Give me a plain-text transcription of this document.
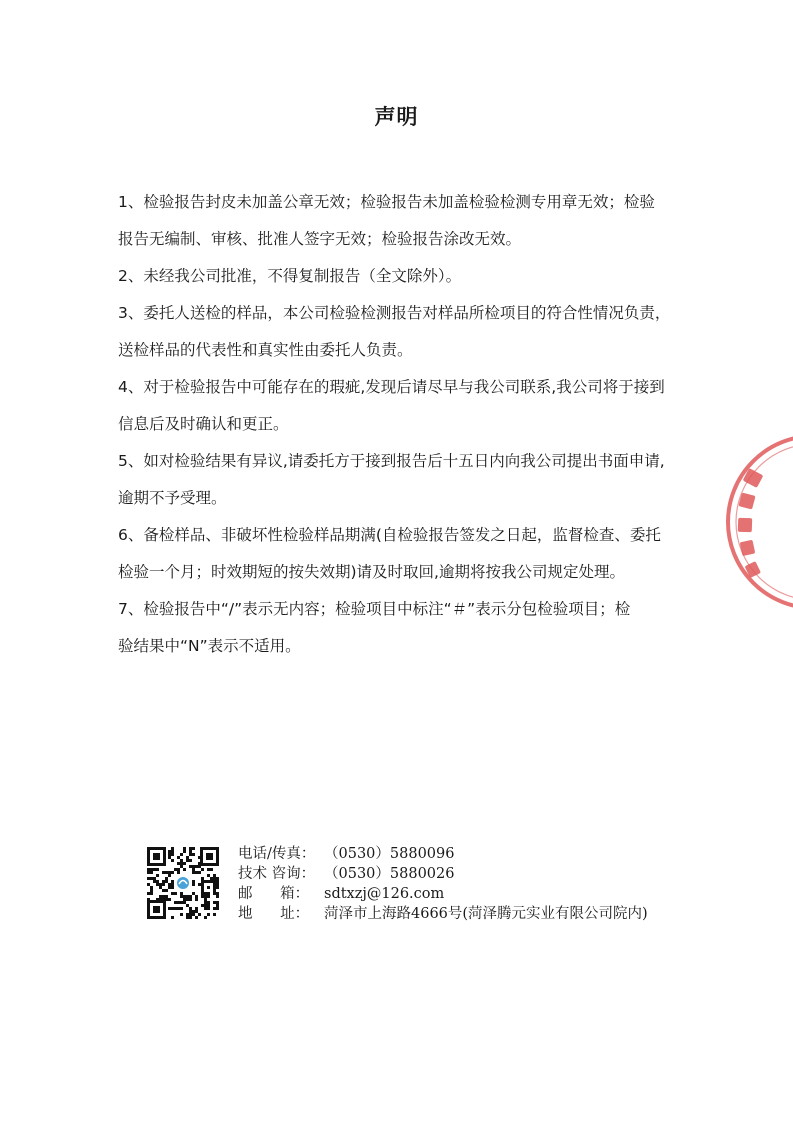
声明
1、检验报告封皮未加盖公章无效；检验报告未加盖检验检测专用章无效；检验
报告无编制、审核、批准人签字无效；检验报告涂改无效。
2、未经我公司批准，不得复制报告（全文除外）。
3、委托人送检的样品，本公司检验检测报告对样品所检项目的符合性情况负责，
送检样品的代表性和真实性由委托人负责。
4、对于检验报告中可能存在的瑕疵,发现后请尽早与我公司联系,我公司将于接到
信息后及时确认和更正。
5、如对检验结果有异议,请委托方于接到报告后十五日内向我公司提出书面申请,
逾期不予受理。
6、备检样品、非破坏性检验样品期满(自检验报告签发之日起，监督检查、委托
检验一个月；时效期短的按失效期)请及时取回,逾期将按我公司规定处理。
7、检验报告中“/”表示无内容；检验项目中标注“＃”表示分包检验项目；检
验结果中“N”表示不适用。
电话/传真： （0530）5880096
技术 咨询： （0530）5880026
邮      箱： sdtxzj@126.com
地      址： 菏泽市上海路4666号(菏泽腾元实业有限公司院内)
